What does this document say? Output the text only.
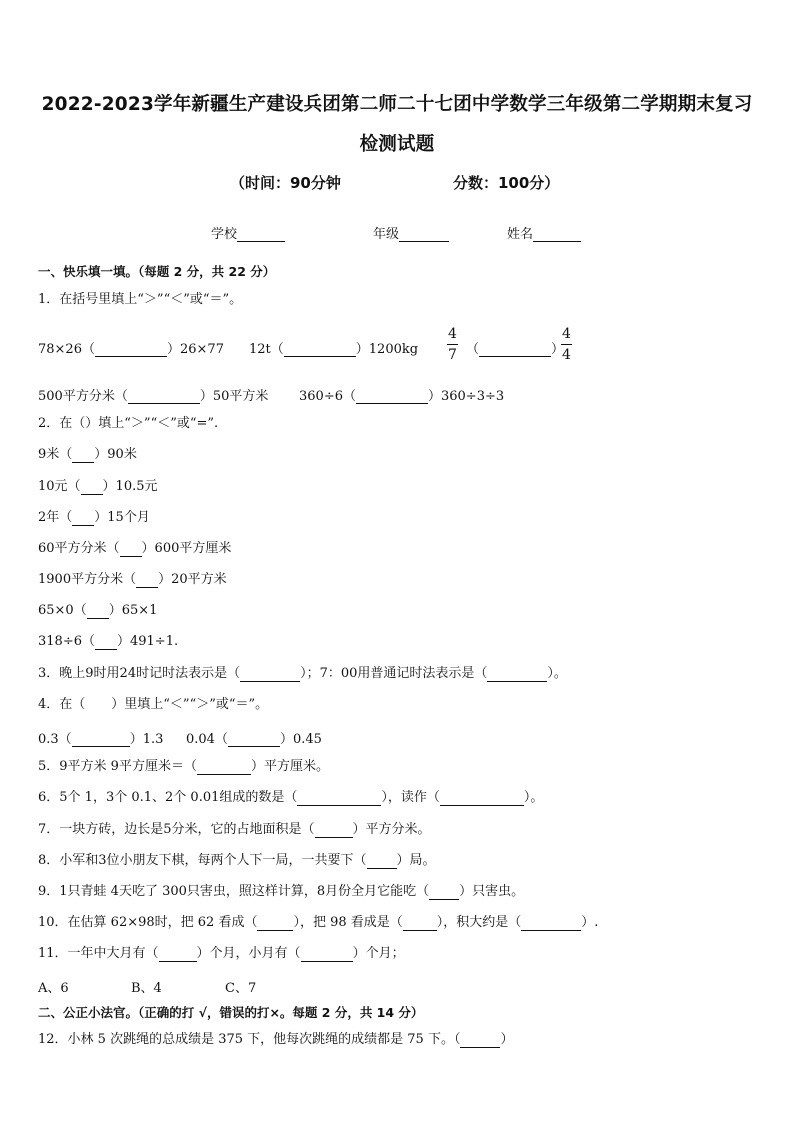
2022-2023学年新疆生产建设兵团第二师二十七团中学数学三年级第二学期期末复习
检测试题
（时间：90分钟	分数：100分）
学校	年级	姓名
一、快乐填一填。（每题 2 分，共 22 分）
1．在括号里填上“＞”“＜”或“＝”。
78×26（	）26×77 12t（	）1200kg
4
7 （	）
4
4
500平方分米（	）50平方米 360÷6（	）360÷3÷3
2．在（）填上“＞”“＜”或“=”.
9米（ ）90米
10元（ ）10.5元
2年（ ）15个月
60平方分米（ ）600平方厘米
1900平方分米（ ）20平方米
65×0（ ）65×1
318÷6（ ）491÷1.
3．晚上9时用24时记时法表示是（	）；7：00用普通记时法表示是（	）。
4．在（　　）里填上“＜”“＞”或“＝”。
0.3（	）1.3 0.04（	）0.45
5．9平方米 9平方厘米＝（	）平方厘米。
6．5个 1，3个 0.1、2个 0.01组成的数是（	），读作（	）。
7．一块方砖，边长是5分米，它的占地面积是（	）平方分米。
8．小军和3位小朋友下棋，每两个人下一局，一共要下（ ）局。
9．1只青蛙 4天吃了 300只害虫，照这样计算，8月份全月它能吃（ ）只害虫。
10．在估算 62×98时，把 62 看成（	），把 98 看成是（	），积大约是（	）.
11．一年中大月有（	）个月，小月有（	）个月；
A、6	B、4	C、7
二、公正小法官。（正确的打 √，错误的打×。每题 2 分，共 14 分）
12．小林 5 次跳绳的总成绩是 375 下，他每次跳绳的成绩都是 75 下。（	）
